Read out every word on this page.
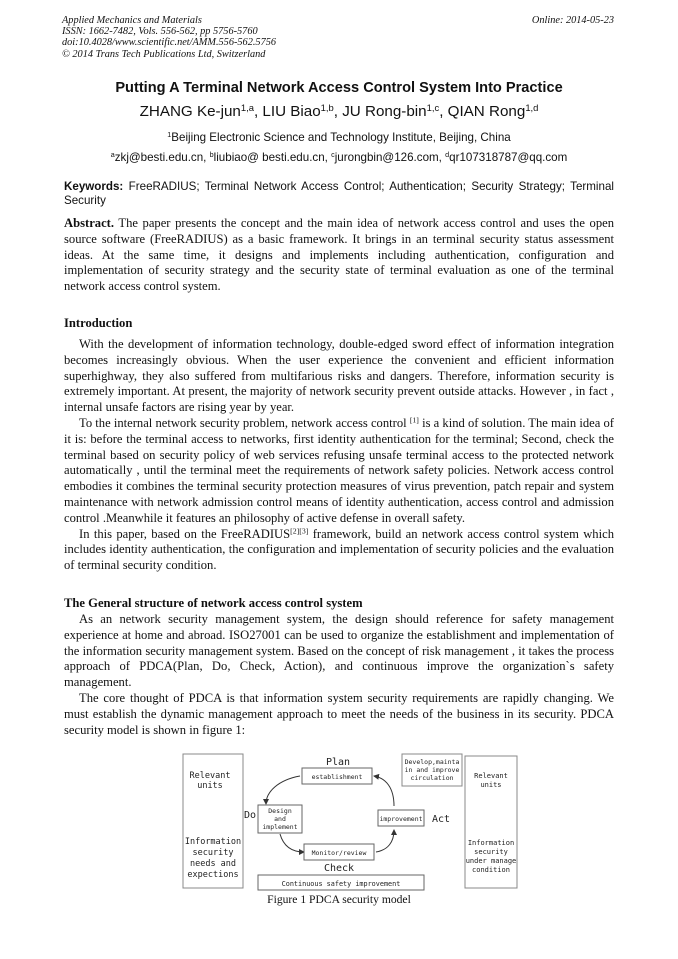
Applied Mechanics and Materials
ISSN: 1662-7482, Vols. 556-562, pp 5756-5760
doi:10.4028/www.scientific.net/AMM.556-562.5756
© 2014 Trans Tech Publications Ltd, Switzerland
Online: 2014-05-23
Putting A Terminal Network Access Control System Into Practice
ZHANG Ke-jun$^{1,a}$, LIU Biao$^{1,b}$, JU Rong-bin$^{1,c}$, QIAN Rong$^{1,d}$
$^1$Beijing Electronic Science and Technology Institute, Beijing, China
$^a$zkj@besti.edu.cn, $^b$liubiao@ besti.edu.cn, $^c$jurongbin@126.com, $^d$qr107318787@qq.com
Keywords: FreeRADIUS; Terminal Network Access Control; Authentication; Security Strategy; Terminal Security

Abstract. The paper presents the concept and the main idea of network access control and uses the open source software (FreeRADIUS) as a basic framework. It brings in an terminal security status assessment ideas. At the same time, it designs and implements including authentication, configuration and implementation of security strategy and the security state of terminal evaluation as one of the terminal network access control system.

Introduction

With the development of information technology, double-edged sword effect of information integration becomes increasingly obvious. When the user experience the convenient and efficient information superhighway, they also suffered from multifarious risks and dangers. Therefore, information security is extremely important. At present, the majority of network security prevent outside attacks. However , in fact , internal unsafe factors are rising year by year.

To the internal network security problem, network access control [1] is a kind of solution. The main idea of it is: before the terminal access to networks, first identity authentication for the terminal; Second, check the terminal based on security policy of web services refusing unsafe terminal access to the protected network automatically , until the terminal meet the requirements of network safety policies. Network access control embodies it combines the terminal security protection measures of virus prevention, patch repair and system maintenance with network admission control means of identity authentication, access control and admission control .Meanwhile it features an philosophy of active defense in overall safety.

In this paper, based on the FreeRADIUS[2][3] framework, build an network access control system which includes identity authentication, the configuration and implementation of security policies and the evaluation of terminal security condition.

The General structure of network access control system

As an network security management system, the design should reference for safety management experience at home and abroad. ISO27001 can be used to organize the establishment and implementation of the information security management system. Based on the concept of risk management , it takes the process approach of PDCA(Plan, Do, Check, Action), and continuous improve the organization`s safety management.

The core thought of PDCA is that information system security requirements are rapidly changing. We must establish the dynamic management approach to meet the needs of the business in its security. PDCA security model is shown in figure 1:

Relevant
units
Information
security
needs and
expections
Relevant
units
Information
security
under manage
condition
Develop,mainta
in and improve
circulation
Plan
establishment
Do Design
and
implement
improvement Act
Monitor/review
Check
Continuous safety improvement
Figure 1 PDCA security model
